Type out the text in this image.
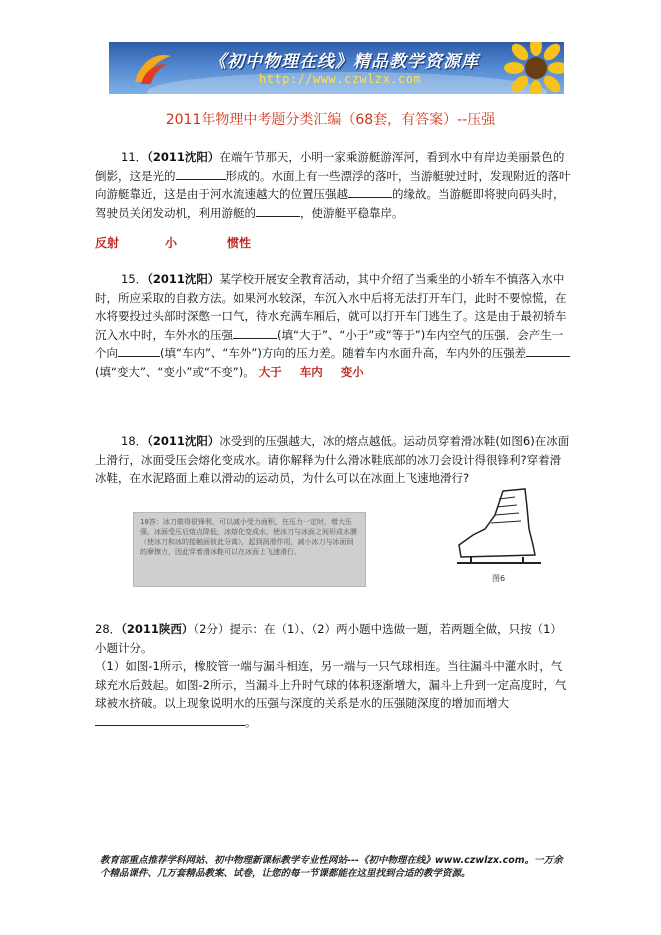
《初中物理在线》精品教学资源库
http://www.czwlzx.com
2011年物理中考题分类汇编（68套，有答案）--压强
11．（2011沈阳）在端午节那天，小明一家乘游艇游浑河，看到水中有岸边美丽景色的倒影，这是光的	形成的。水面上有一些漂浮的落叶，当游艇驶过时，发现附近的落叶向游艇靠近，这是由于河水流速越大的位置压强越	的缘故。当游艇即将驶向码头时，驾驶员关闭发动机，利用游艇的	，使游艇平稳靠岸。
反射	小	惯性
15．（2011沈阳）某学校开展安全教育活动，其中介绍了当乘坐的小轿车不慎落入水中时，所应采取的自救方法。如果河水较深，车沉入水中后将无法打开车门，此时不要惊慌，在水将要投过头部时深憋一口气，待水充满车厢后，就可以打开车门逃生了。这是由于最初轿车沉入水中时，车外水的压强	(填“大于”、“小于”或“等于”)车内空气的压强．会产生一个向	(填“车内”、“车外”)方向的压力差。随着车内水面升高，车内外的压强差(填“变大”、“变小”或“不变”)。 大于 车内 变小
18．（2011沈阳）冰受到的压强越大，冰的熔点越低。运动员穿着滑冰鞋(如图6)在冰面上滑行，冰面受压会熔化变成水。请你解释为什么滑冰鞋底部的冰刀会设计得很锋利?穿着滑冰鞋，在水泥路面上难以滑动的运动员，为什么可以在冰面上飞速地滑行?
18答：冰刀做得很锋利，可以减小受力面积，在压力一定时，增大压强。冰面受压后熔点降低，冰熔化变成水，使冰刀与冰面之间形成水膜（使冰刀和冰的接触面彼此分离），起到润滑作用，减小冰刀与冰面间的摩擦力，因此穿着滑冰鞋可以在冰面上飞速滑行。
图6
28．（2011陕西）（2分）提示：在（1）、（2）两小题中选做一题，若两题全做，只按（1）小题计分。
（1）如图-1所示，橡胶管一端与漏斗相连，另一端与一只气球相连。当往漏斗中灌水时，气球充水后鼓起。如图-2所示，当漏斗上升时气球的体积逐渐增大，漏斗上升到一定高度时，气球被水挤破。以上现象说明水的压强与深度的关系是水的压强随深度的增加而增大。
教育部重点推荐学科网站、初中物理新课标教学专业性网站---《初中物理在线》www.czwlzx.com。一万余个精品课件、几万套精品教案、试卷，让您的每一节课都能在这里找到合适的教学资源。
